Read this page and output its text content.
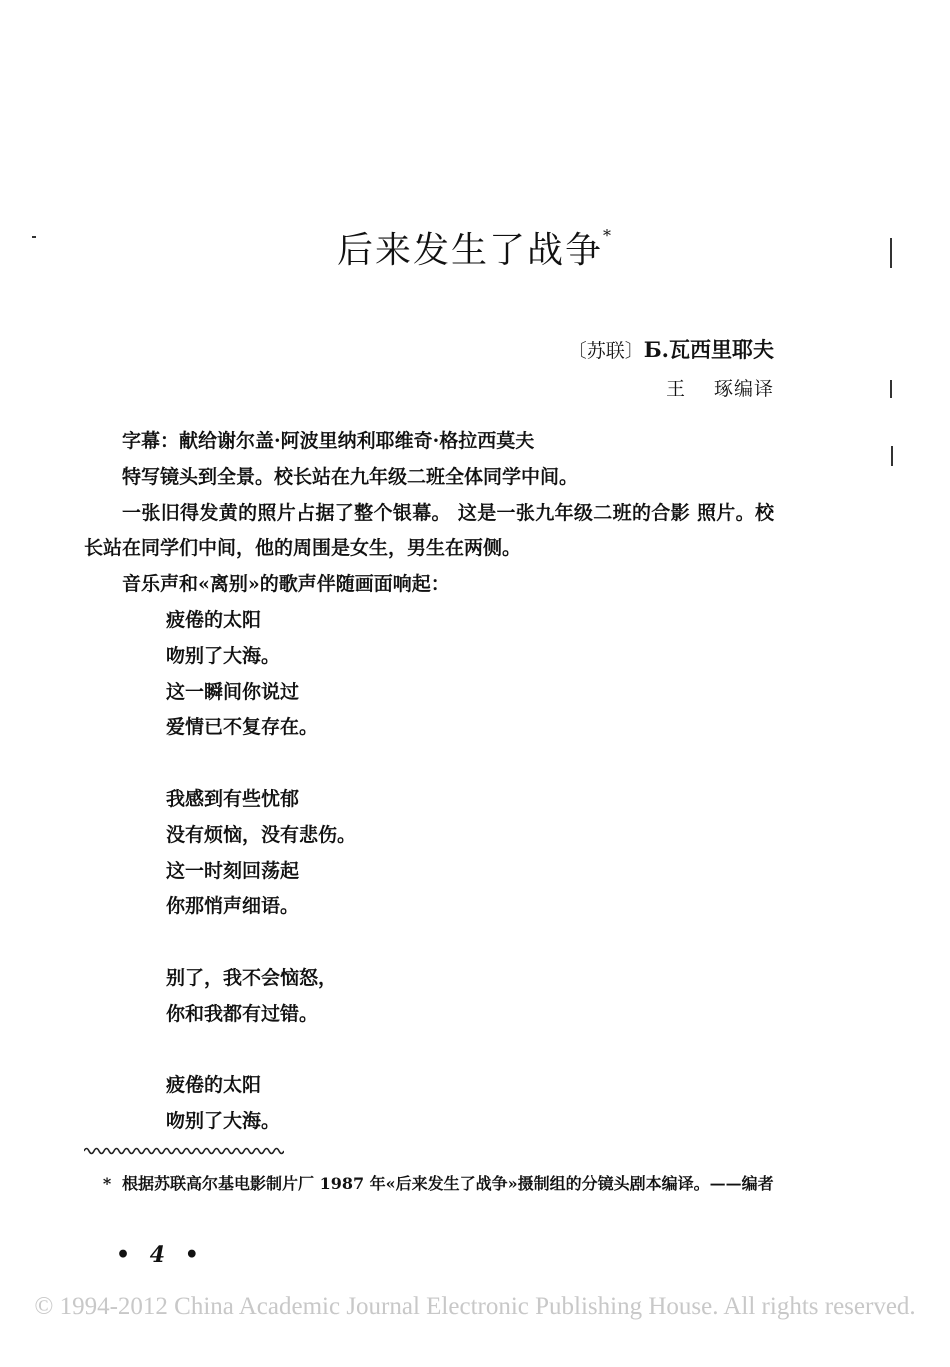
后来发生了战争*
〔苏联〕Б.瓦西里耶夫
王 琢编译

字幕：献给谢尔盖·阿波里纳利耶维奇·格拉西莫夫

特写镜头到全景。校长站在九年级二班全体同学中间。

一张旧得发黄的照片占据了整个银幕。 这是一张九年级二班的合影 照片。校长站在同学们中间，他的周围是女生，男生在两侧。

音乐声和«离别»的歌声伴随画面响起：

疲倦的太阳
吻别了大海。
这一瞬间你说过
爱情已不复存在。
我感到有些忧郁
没有烦恼，没有悲伤。
这一时刻回荡起
你那悄声细语。
别了，我不会恼怒，
你和我都有过错。
疲倦的太阳
吻别了大海。
* 根据苏联高尔基电影制片厂 1987 年«后来发生了战争»摄制组的分镜头剧本编译。——编者
• 4 •
© 1994-2012 China Academic Journal Electronic Publishing House. All rights reserved.
